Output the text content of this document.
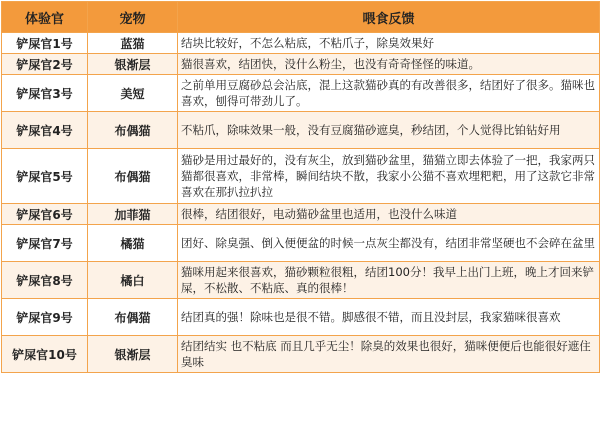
体验官	宠物	喂食反馈
铲屎官1号	蓝猫	结块比较好，不怎么粘底，不粘爪子，除臭效果好
铲屎官2号	银渐层	猫很喜欢，结团快，没什么粉尘，也没有奇奇怪怪的味道。
铲屎官3号	美短	之前单用豆腐砂总会沾底，混上这款猫砂真的有改善很多，结团好了很多。猫咪也喜欢，刨得可带劲儿了。
铲屎官4号	布偶猫	不粘爪，除味效果一般，没有豆腐猫砂遮臭，秒结团，个人觉得比铂钻好用
铲屎官5号	布偶猫	猫砂是用过最好的，没有灰尘，放到猫砂盆里，猫猫立即去体验了一把，我家两只猫都很喜欢，非常棒，瞬间结块不散，我家小公猫不喜欢埋粑粑，用了这款它非常喜欢在那扒拉扒拉
铲屎官6号	加菲猫	很棒，结团很好，电动猫砂盆里也适用，也没什么味道
铲屎官7号	橘猫	团好、除臭强、倒入便便盆的时候一点灰尘都没有，结团非常坚硬也不会碎在盆里
铲屎官8号	橘白	猫咪用起来很喜欢，猫砂颗粒很粗，结团100分！我早上出门上班，晚上才回来铲屎，不松散、不粘底、真的很棒！
铲屎官9号	布偶猫	结团真的强！除味也是很不错。脚感很不错，而且没封层，我家猫咪很喜欢
铲屎官10号	银渐层	结团结实 也不粘底 而且几乎无尘！除臭的效果也很好，猫咪便便后也能很好遮住臭味
